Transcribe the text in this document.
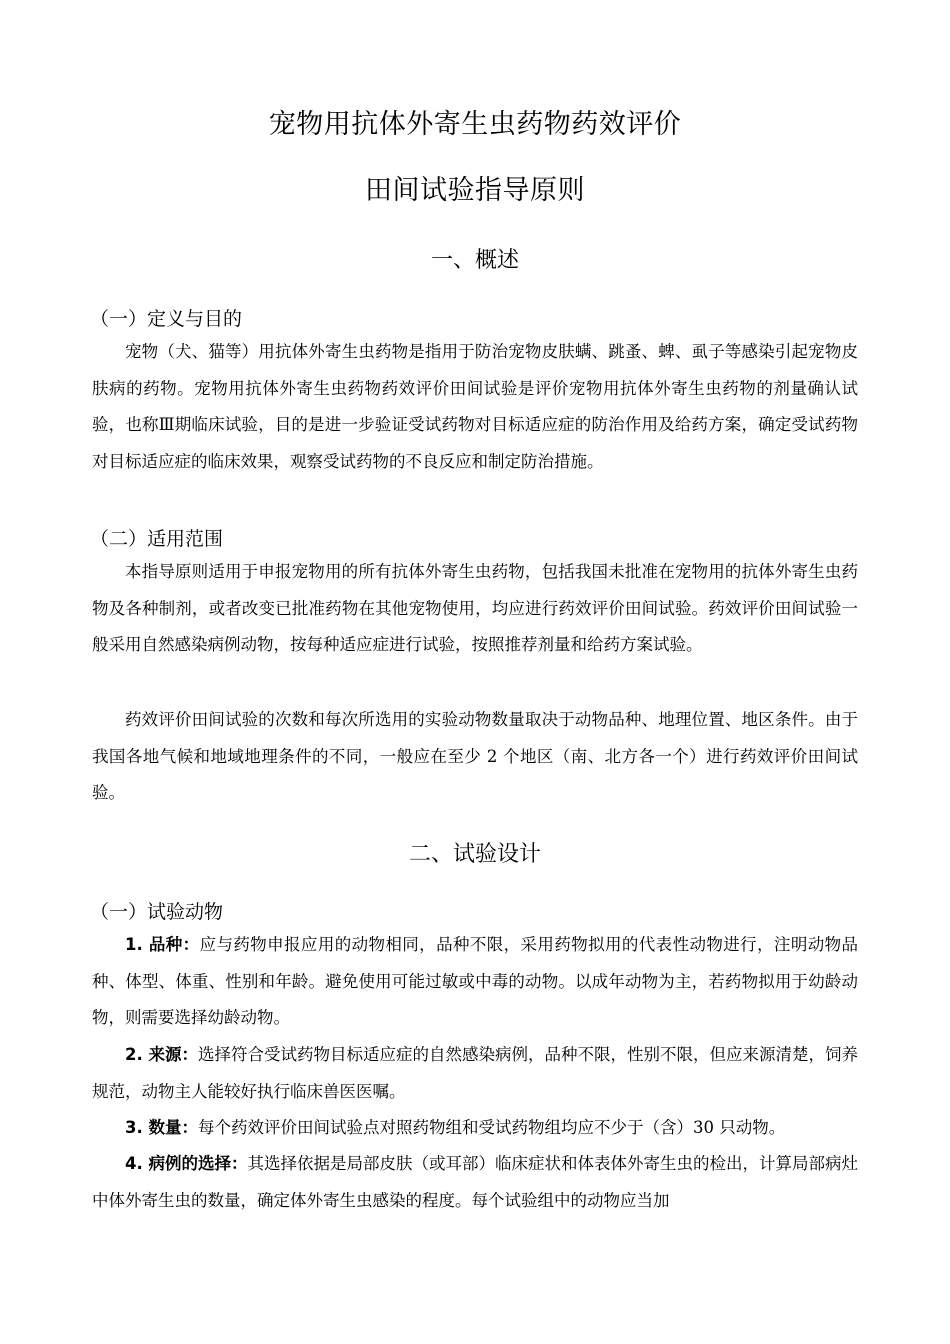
宠物用抗体外寄生虫药物药效评价
田间试验指导原则
一、概述
（一）定义与目的

宠物（犬、猫等）用抗体外寄生虫药物是指用于防治宠物皮肤螨、跳蚤、蜱、虱子等感染引起宠物皮肤病的药物。宠物用抗体外寄生虫药物药效评价田间试验是评价宠物用抗体外寄生虫药物的剂量确认试验，也称Ⅲ期临床试验，目的是进一步验证受试药物对目标适应症的防治作用及给药方案，确定受试药物对目标适应症的临床效果，观察受试药物的不良反应和制定防治措施。

（二）适用范围

本指导原则适用于申报宠物用的所有抗体外寄生虫药物，包括我国未批准在宠物用的抗体外寄生虫药物及各种制剂，或者改变已批准药物在其他宠物使用，均应进行药效评价田间试验。药效评价田间试验一般采用自然感染病例动物，按每种适应症进行试验，按照推荐剂量和给药方案试验。

药效评价田间试验的次数和每次所选用的实验动物数量取决于动物品种、地理位置、地区条件。由于我国各地气候和地域地理条件的不同，一般应在至少 2 个地区（南、北方各一个）进行药效评价田间试验。

二、试验设计
（一）试验动物

1. 品种：应与药物申报应用的动物相同，品种不限，采用药物拟用的代表性动物进行，注明动物品种、体型、体重、性别和年龄。避免使用可能过敏或中毒的动物。以成年动物为主，若药物拟用于幼龄动物，则需要选择幼龄动物。

2. 来源：选择符合受试药物目标适应症的自然感染病例，品种不限，性别不限，但应来源清楚，饲养规范，动物主人能较好执行临床兽医医嘱。

3. 数量：每个药效评价田间试验点对照药物组和受试药物组均应不少于（含）30 只动物。

4. 病例的选择：其选择依据是局部皮肤（或耳部）临床症状和体表体外寄生虫的检出，计算局部病灶中体外寄生虫的数量，确定体外寄生虫感染的程度。每个试验组中的动物应当加
